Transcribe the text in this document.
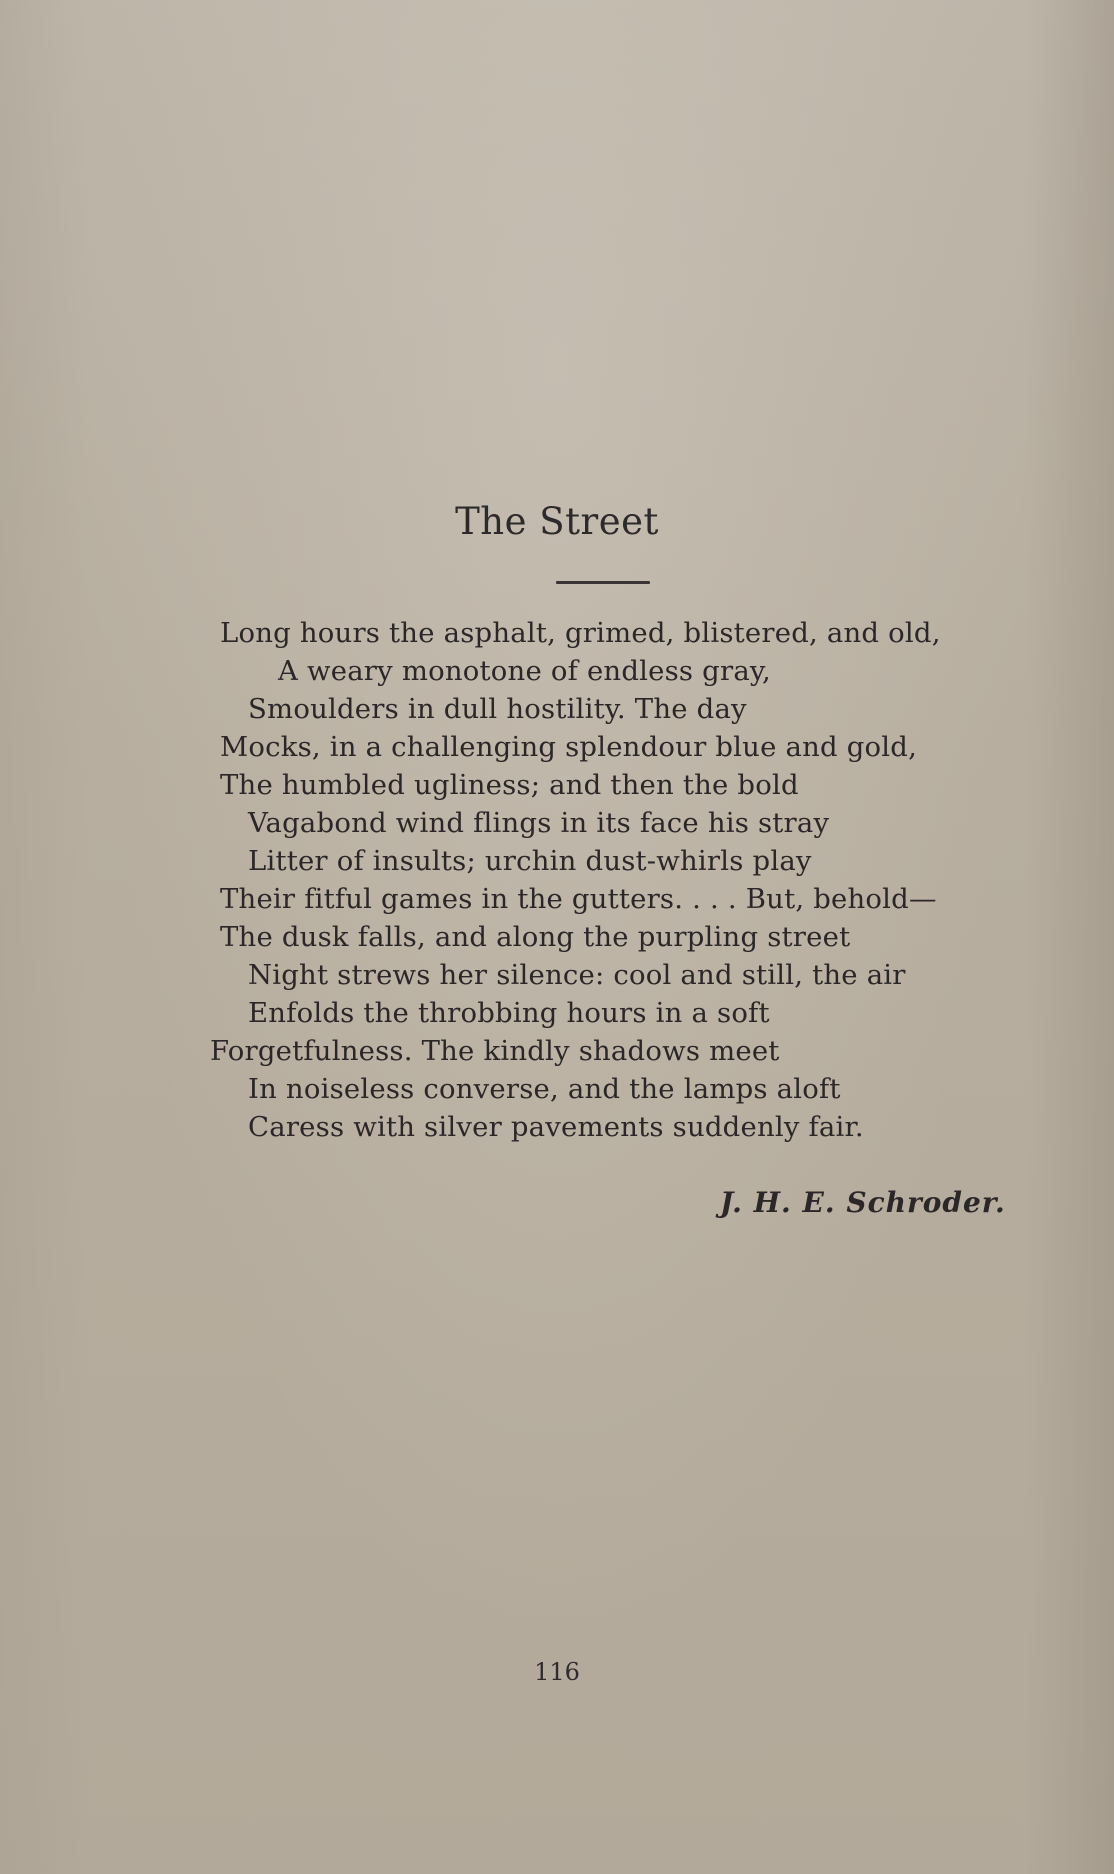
The Street
Long hours the asphalt, grimed, blistered, and old,
A weary monotone of endless gray,
Smoulders in dull hostility. The day
Mocks, in a challenging splendour blue and gold,
The humbled ugliness; and then the bold
Vagabond wind flings in its face his stray
Litter of insults; urchin dust-whirls play
Their fitful games in the gutters. . . . But, behold—
The dusk falls, and along the purpling street
Night strews her silence: cool and still, the air
Enfolds the throbbing hours in a soft
Forgetfulness. The kindly shadows meet
In noiseless converse, and the lamps aloft
Caress with silver pavements suddenly fair.
J. H. E. Schroder.
116
